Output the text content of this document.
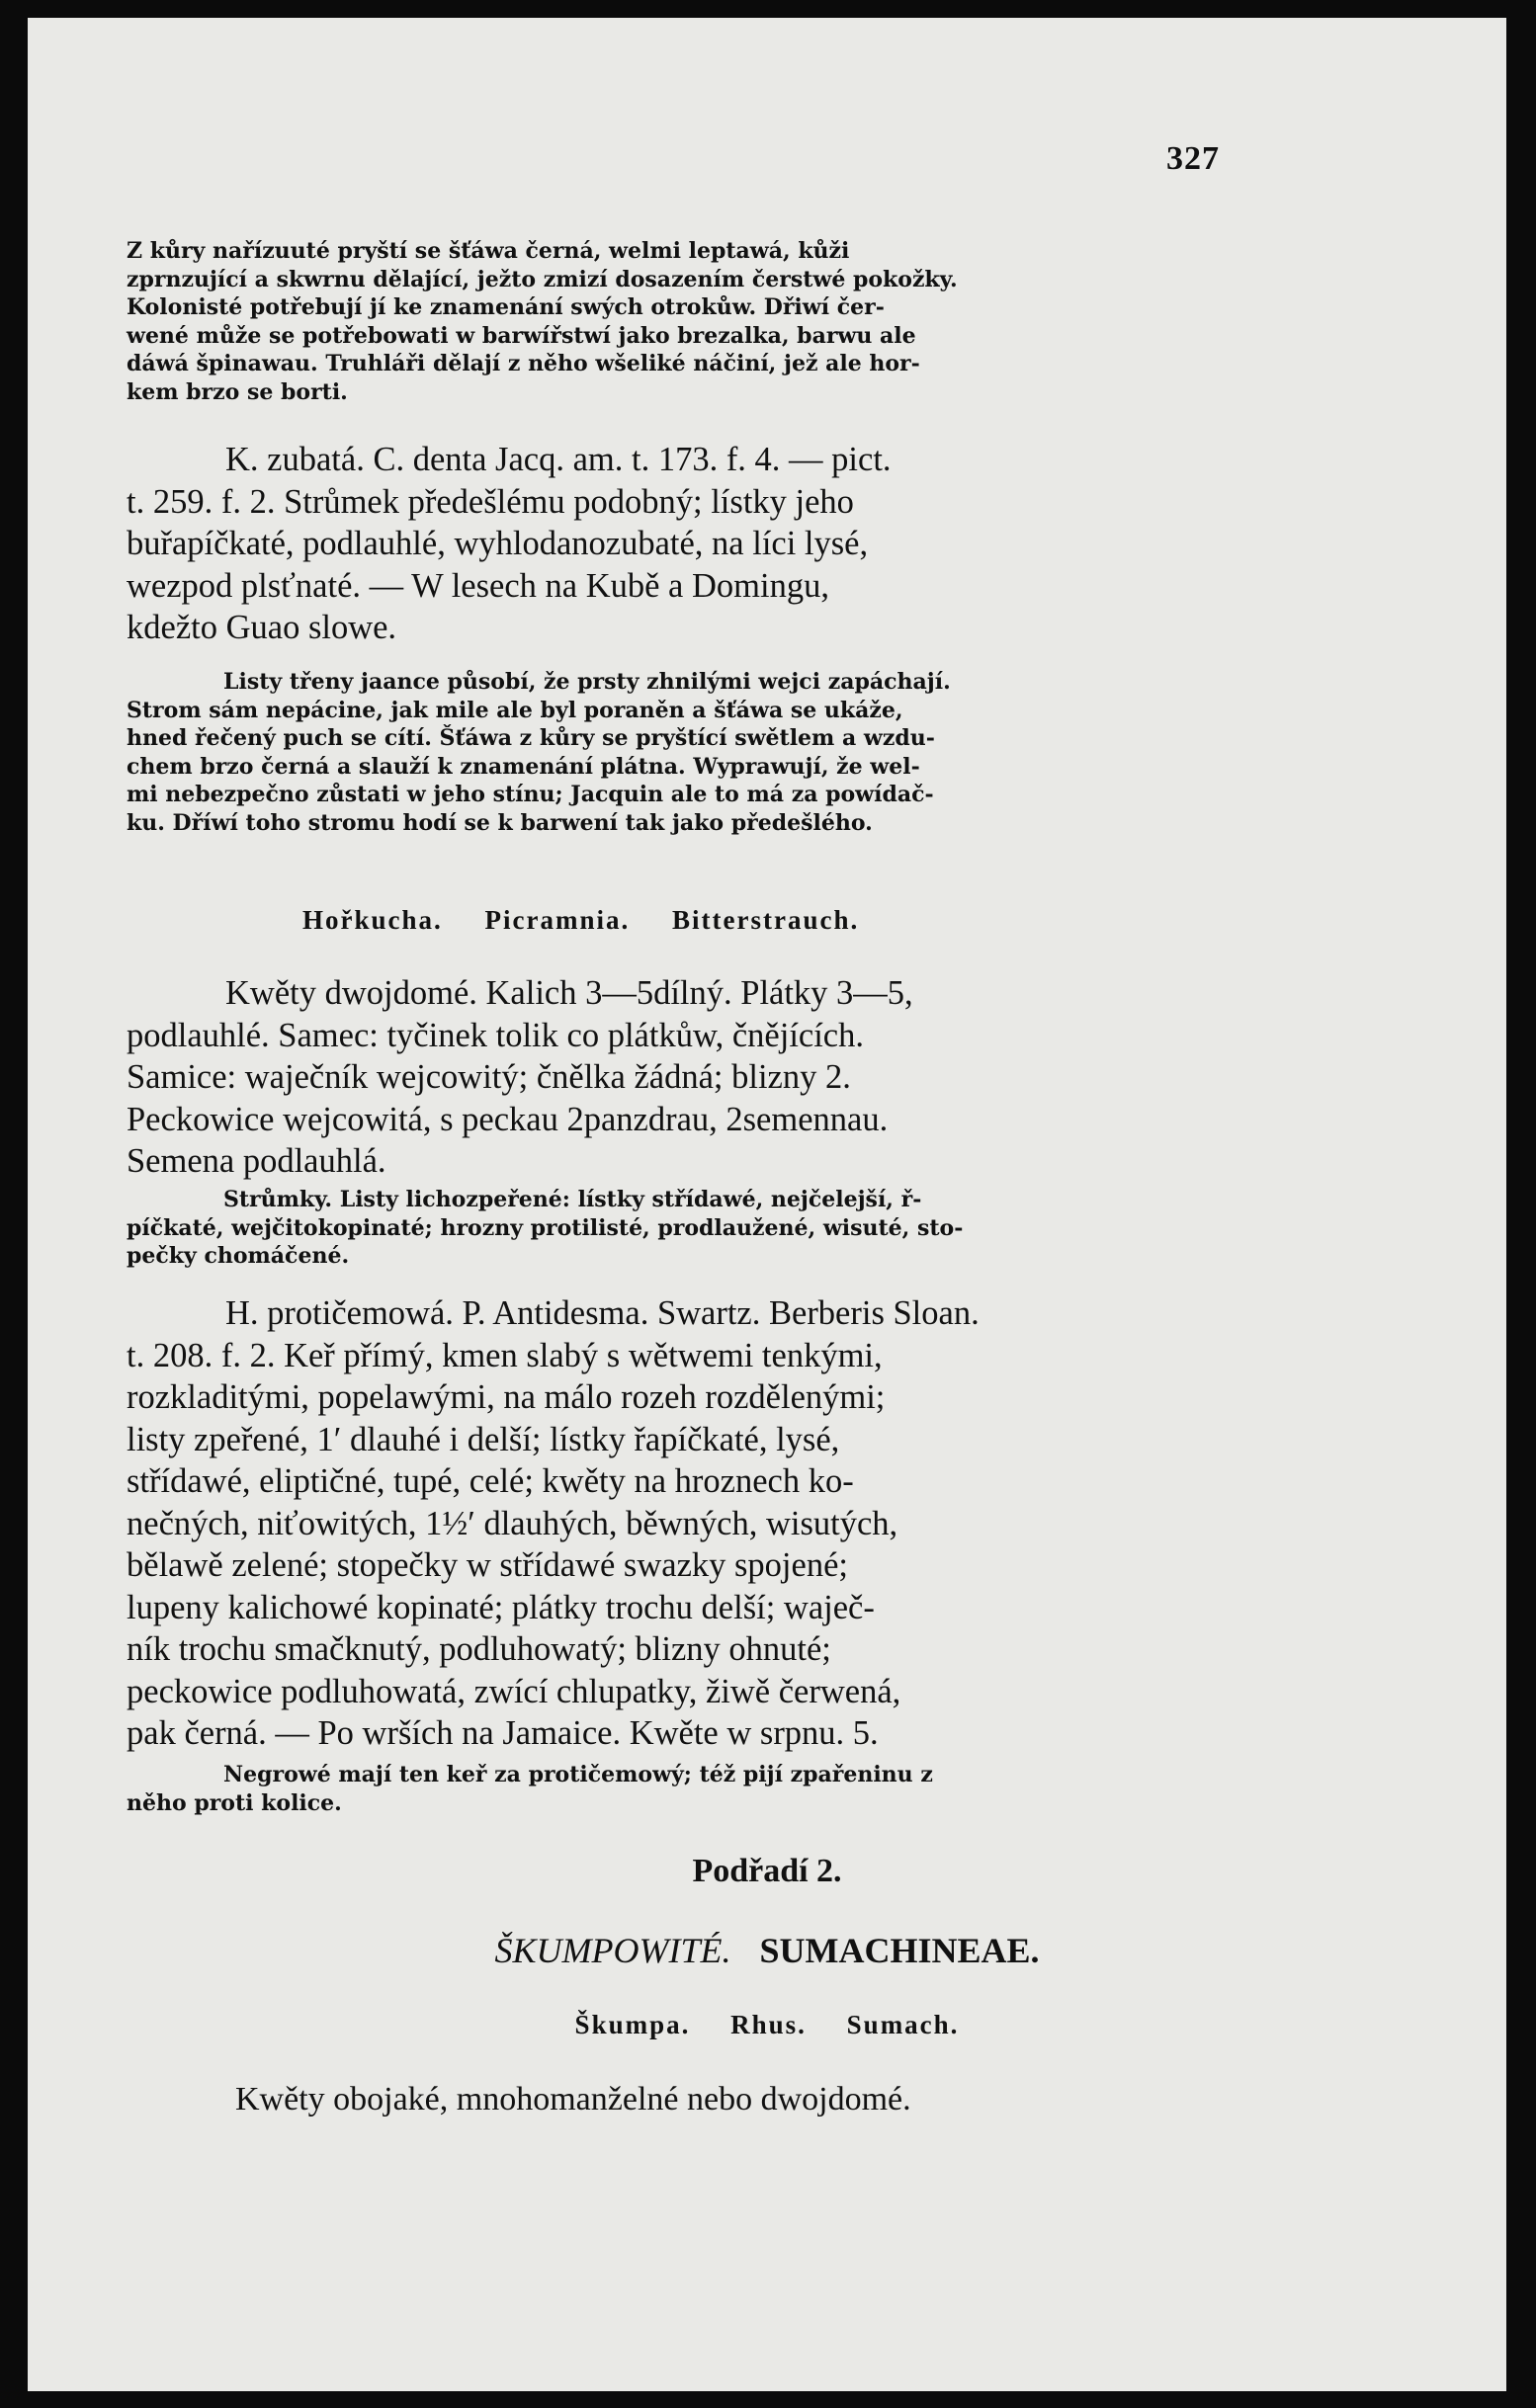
327
Z kůry nařízuuté pryští se šťáwa černá, welmi leptawá, kůži
zprnzující a skwrnu dělající, ježto zmizí dosazením čerstwé pokožky.
Kolonisté potřebují jí ke znamenání swých otrokůw. Dřiwí čer-
wené může se potřebowati w barwířstwí jako brezalka, barwu ale
dáwá špinawau. Truhláři dělají z něho wšeliké náčiní, jež ale hor-
kem brzo se borti.
K. zubatá. C. denta Jacq. am. t. 173. f. 4. — pict.
t. 259. f. 2. Strůmek předešlému podobný; lístky jeho
buřapíčkaté, podlauhlé, wyhlodanozubaté, na líci lysé,
wezpod plsťnaté. — W lesech na Kubě a Domingu,
kdežto Guao slowe.
Listy třeny jaance působí, že prsty zhnilými wejci zapáchají.
Strom sám nepácine, jak mile ale byl poraněn a šťáwa se ukáže,
hned řečený puch se cítí. Šťáwa z kůry se pryštící swětlem a wzdu-
chem brzo černá a slauží k znamenání plátna. Wyprawují, že wel-
mi nebezpečno zůstati w jeho stínu; Jacquin ale to má za powídač-
ku. Dříwí toho stromu hodí se k barwení tak jako předešlého.
Hořkucha. Picramnia. Bitterstrauch.
Kwěty dwojdomé. Kalich 3—5dílný. Plátky 3—5,
podlauhlé. Samec: tyčinek tolik co plátkůw, čnějících.
Samice: waječník wejcowitý; čnělka žádná; blizny 2.
Peckowice wejcowitá, s peckau 2panzdrau, 2semennau.
Semena podlauhlá.
Strůmky. Listy lichozpeřené: lístky střídawé, nejčelejší, ř-
píčkaté, wejčitokopinaté; hrozny protilisté, prodlaužené, wisuté, sto-
pečky chomáčené.
H. protičemowá. P. Antidesma. Swartz. Berberis Sloan.
t. 208. f. 2. Keř přímý, kmen slabý s wětwemi tenkými,
rozkladitými, popelawými, na málo rozeh rozdělenými;
listy zpeřené, 1′ dlauhé i delší; lístky řapíčkaté, lysé,
střídawé, eliptičné, tupé, celé; kwěty na hroznech ko-
nečných, niťowitých, 1½′ dlauhých, běwných, wisutých,
bělawě zelené; stopečky w střídawé swazky spojené;
lupeny kalichowé kopinaté; plátky trochu delší; waječ-
ník trochu smačknutý, podluhowatý; blizny ohnuté;
peckowice podluhowatá, zwící chlupatky, žiwě čerwená,
pak černá. — Po wrších na Jamaice. Kwěte w srpnu. 5.
Negrowé mají ten keř za protičemowý; též pijí zpařeninu z
něho proti kolice.
Podřadí 2.
ŠKUMPOWITÉ. SUMACHINEAE.
Škumpa. Rhus. Sumach.
Kwěty obojaké, mnohomanželné nebo dwojdomé.
